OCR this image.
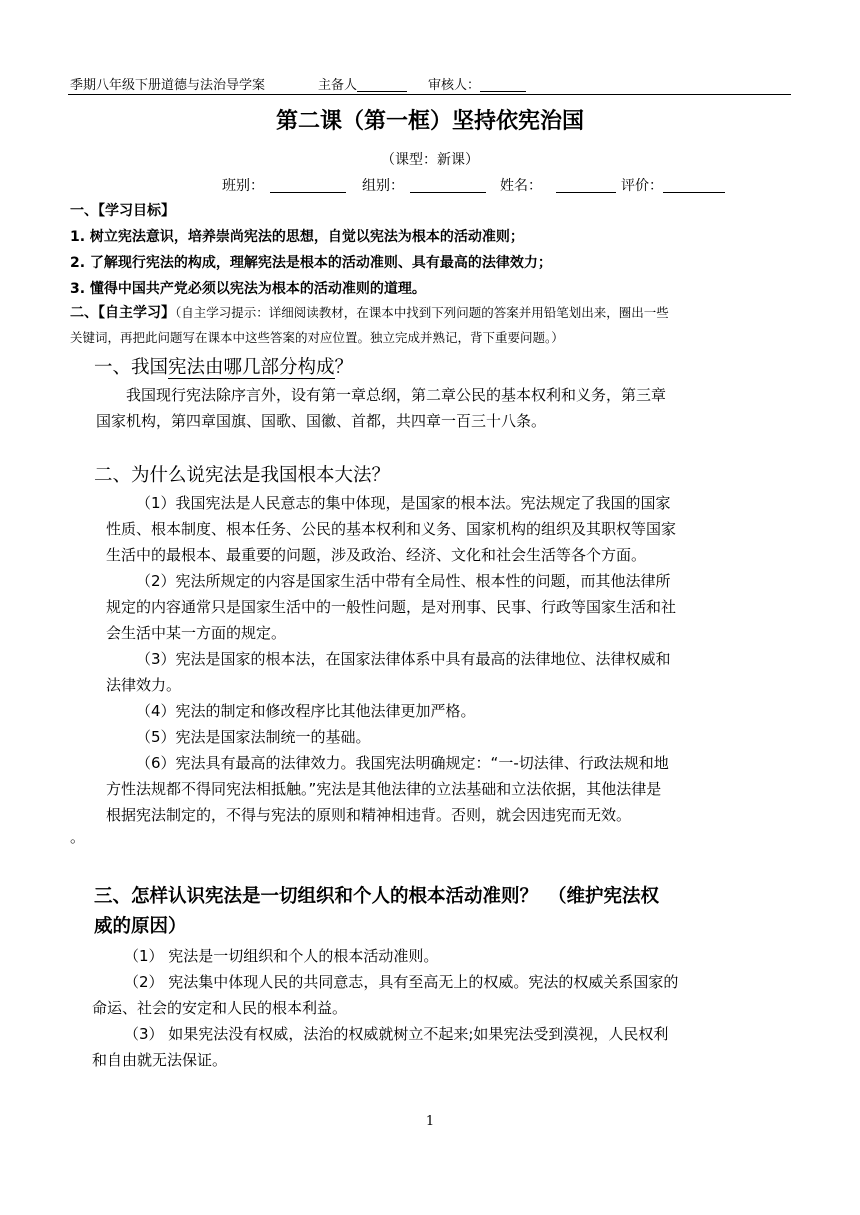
季期八年级下册道德与法治导学案	主备人	审核人：
第二课（第一框）坚持依宪治国
（课型：新课）
班别：	组别：	姓名：	评价：
一、【学习目标】
1. 树立宪法意识，培养崇尚宪法的思想，自觉以宪法为根本的活动准则；
2. 了解现行宪法的构成，理解宪法是根本的活动准则、具有最高的法律效力；
3. 懂得中国共产党必须以宪法为根本的活动准则的道理。
二、【自主学习】（自主学习提示：详细阅读教材，在课本中找到下列问题的答案并用铅笔划出来，圈出一些
关键词，再把此问题写在课本中这些答案的对应位置。独立完成并熟记，背下重要问题。）
一、我国宪法由哪几部分构成？
我国现行宪法除序言外，设有第一章总纲，第二章公民的基本权利和义务，第三章
国家机构，第四章国旗、国歌、国徽、首都，共四章一百三十八条。
二、为什么说宪法是我国根本大法？
（1）我国宪法是人民意志的集中体现，是国家的根本法。宪法规定了我国的国家
性质、根本制度、根本任务、公民的基本权利和义务、国家机构的组织及其职权等国家
生活中的最根本、最重要的问题，涉及政治、经济、文化和社会生活等各个方面。
（2）宪法所规定的内容是国家生活中带有全局性、根本性的问题，而其他法律所
规定的内容通常只是国家生活中的一般性问题，是对刑事、民事、行政等国家生活和社
会生活中某一方面的规定。
（3）宪法是国家的根本法，在国家法律体系中具有最高的法律地位、法律权威和
法律效力。
（4）宪法的制定和修改程序比其他法律更加严格。
（5）宪法是国家法制统一的基础。
（6）宪法具有最高的法律效力。我国宪法明确规定：“一-切法律、行政法规和地
方性法规都不得同宪法相抵触。”宪法是其他法律的立法基础和立法依据，其他法律是
根据宪法制定的，不得与宪法的原则和精神相违背。否则，就会因违宪而无效。
。
三、怎样认识宪法是一切组织和个人的根本活动准则？ （维护宪法权
威的原因）
（1） 宪法是一切组织和个人的根本活动准则。
（2） 宪法集中体现人民的共同意志，具有至高无上的权威。宪法的权威关系国家的
命运、社会的安定和人民的根本利益。
（3） 如果宪法没有权威，法治的权威就树立不起来;如果宪法受到漠视，人民权利
和自由就无法保证。
1
